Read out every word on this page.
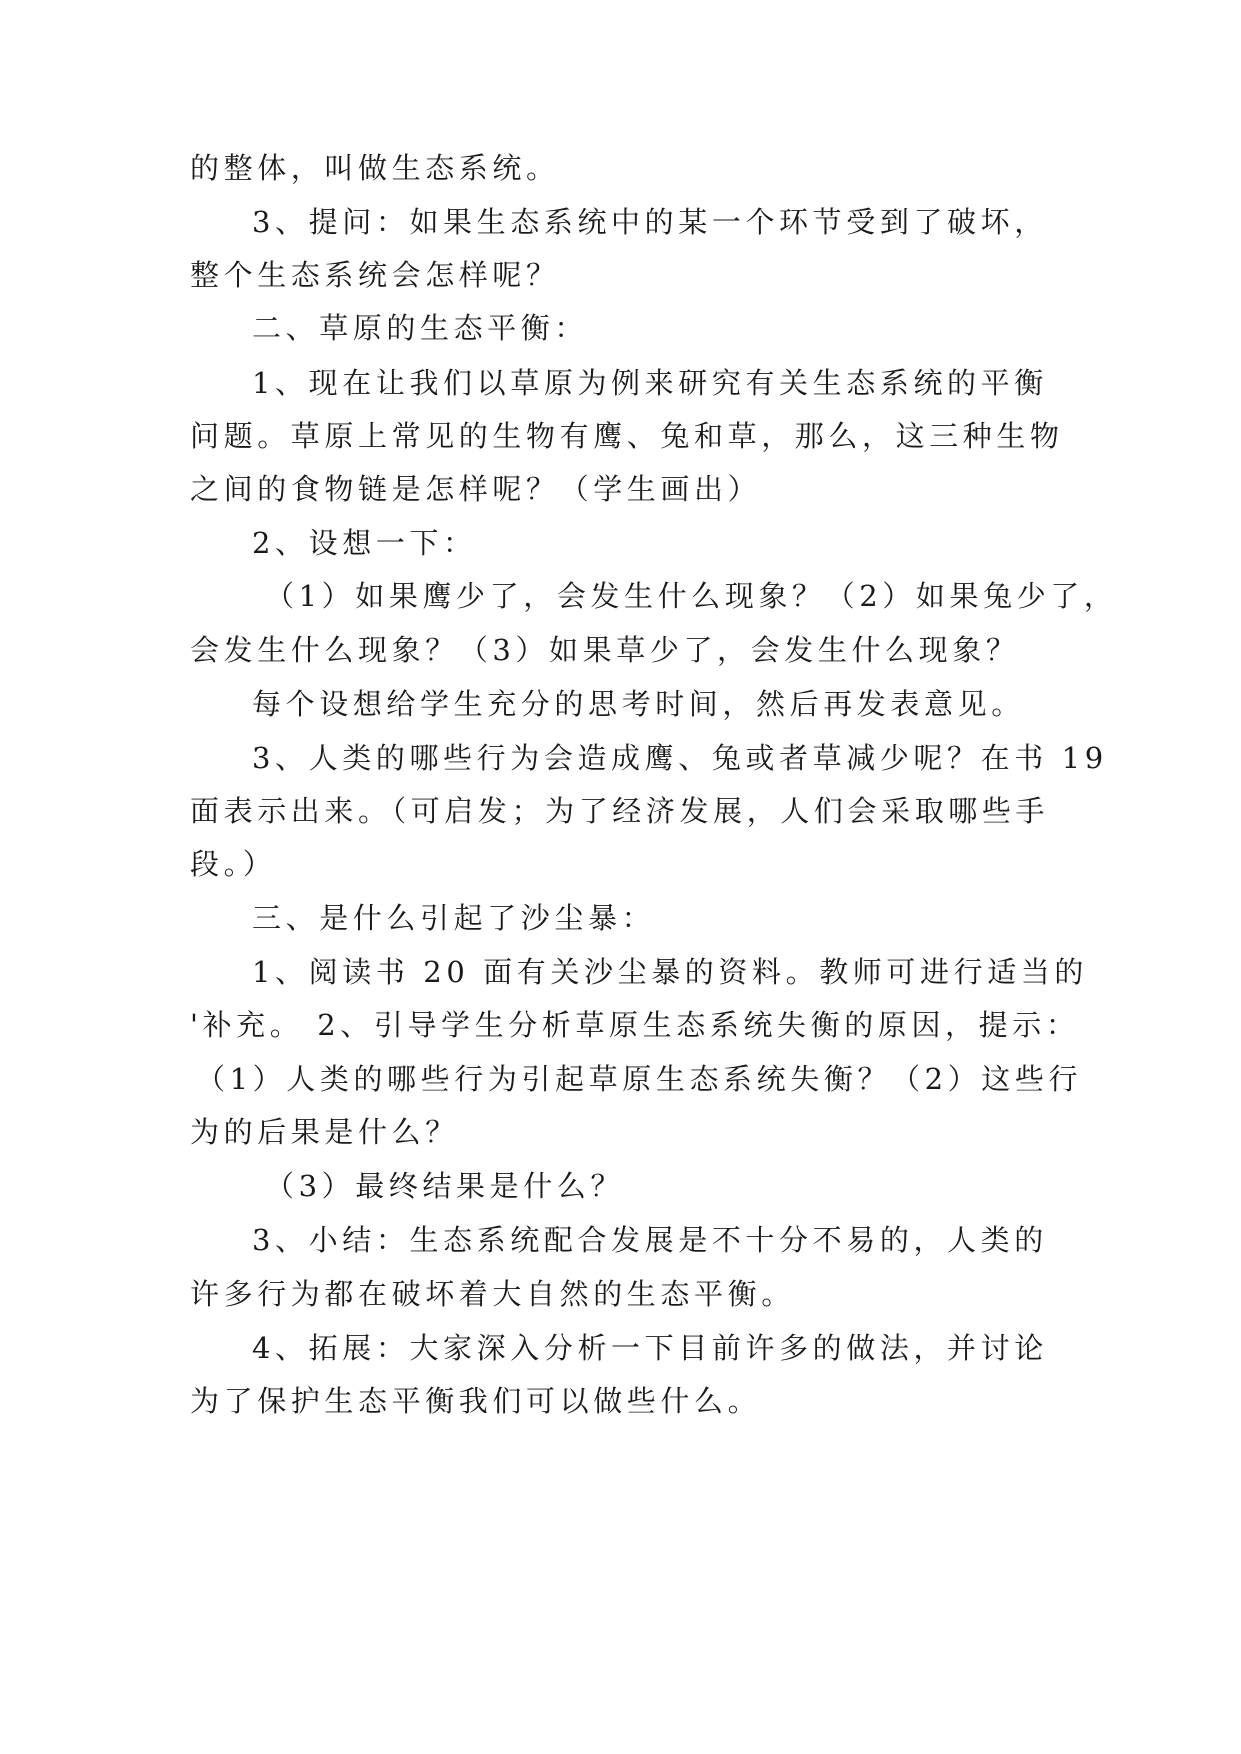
的整体，叫做生态系统。
3、提问：如果生态系统中的某一个环节受到了破坏，
整个生态系统会怎样呢？
二、草原的生态平衡：
1、现在让我们以草原为例来研究有关生态系统的平衡
问题。草原上常见的生物有鹰、兔和草，那么，这三种生物
之间的食物链是怎样呢？（学生画出）
2、设想一下：
（1）如果鹰少了，会发生什么现象？（2）如果兔少了，
会发生什么现象？（3）如果草少了，会发生什么现象？
每个设想给学生充分的思考时间，然后再发表意见。
3、人类的哪些行为会造成鹰、兔或者草减少呢？在书 19
面表示出来。（可启发；为了经济发展，人们会采取哪些手
段。）
三、是什么引起了沙尘暴：
1、阅读书 20 面有关沙尘暴的资料。教师可进行适当的
'补充。 2、引导学生分析草原生态系统失衡的原因，提示：
（1）人类的哪些行为引起草原生态系统失衡？（2）这些行
为的后果是什么？
（3）最终结果是什么？
3、小结：生态系统配合发展是不十分不易的，人类的
许多行为都在破坏着大自然的生态平衡。
4、拓展：大家深入分析一下目前许多的做法，并讨论
为了保护生态平衡我们可以做些什么。
